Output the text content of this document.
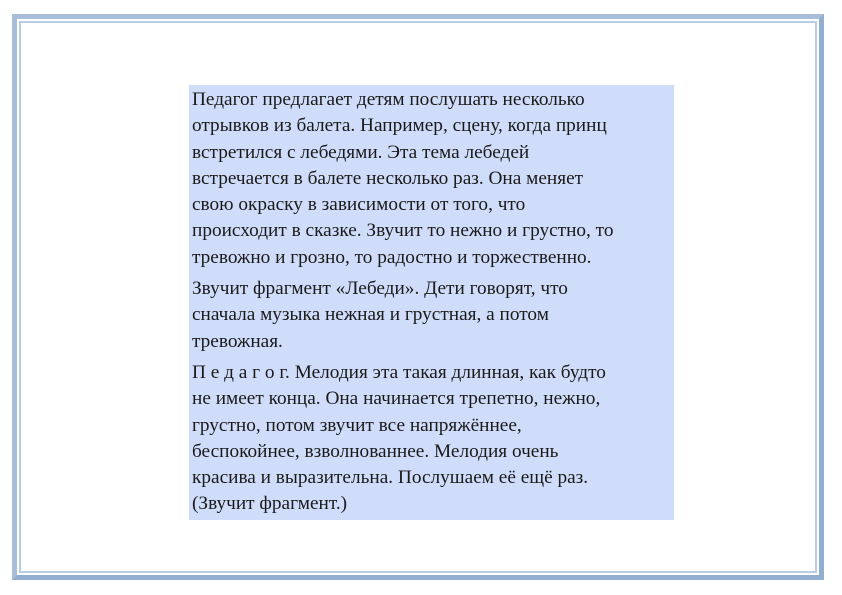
Педагог предлагает детям послушать несколько
отрывков из балета. Например, сцену, когда принц
встретился с лебедями. Эта тема лебедей
встречается в балете несколько раз. Она меняет
свою окраску в зависимости от того, что
происходит в сказке. Звучит то нежно и грустно, то
тревожно и грозно, то радостно и торжественно.

Звучит фрагмент «Лебеди». Дети говорят, что
сначала музыка нежная и грустная, а потом
тревожная.

П е д а г о г. Мелодия эта такая длинная, как будто
не имеет конца. Она начинается трепетно, нежно,
грустно, потом звучит все напряжённее,
беспокойнее, взволнованнее. Мелодия очень
красива и выразительна. Послушаем её ещё раз.
(Звучит фрагмент.)
